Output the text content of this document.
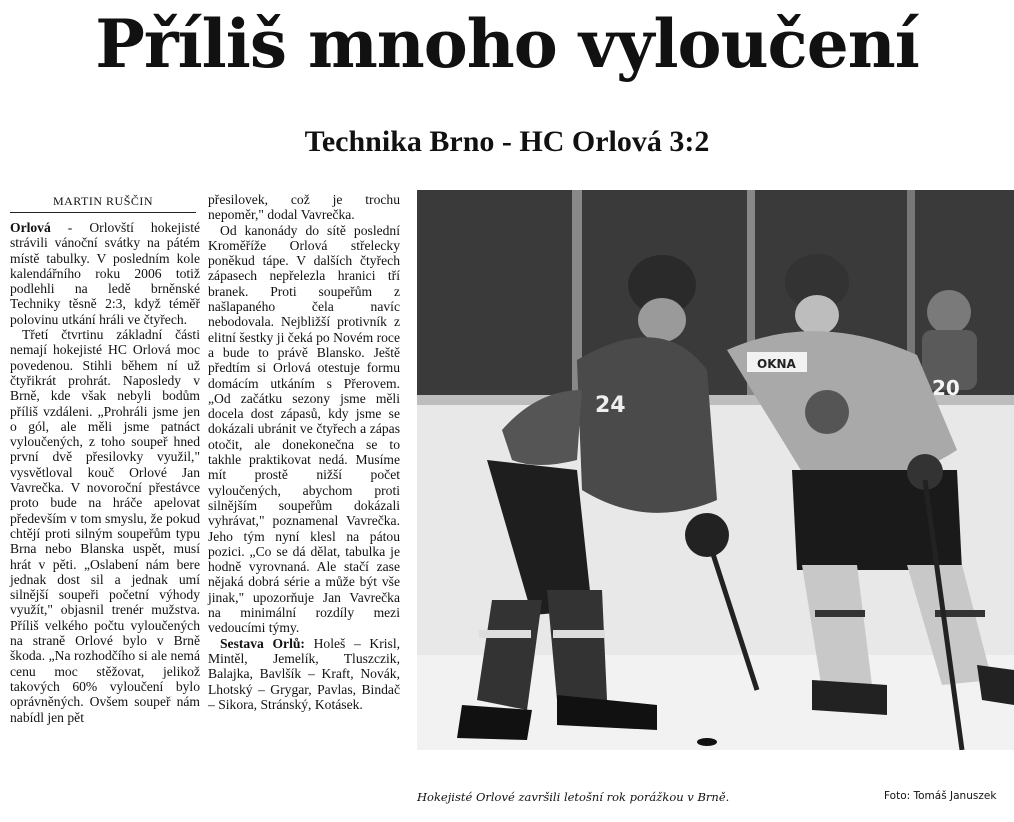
Příliš mnoho vyloučení
Technika Brno - HC Orlová 3:2
MARTIN RUŠČIN

Orlová - Orlovští hokejisté strávili vánoční svátky na pátém místě tabulky. V posledním kole kalendářního roku 2006 totiž podlehli na ledě brněnské Techniky těsně 2:3, když téměř polovinu utkání hráli ve čtyřech.

Třetí čtvrtinu základní části nemají hokejisté HC Orlová moc povedenou. Stihli během ní už čtyřikrát prohrát. Naposledy v Brně, kde však nebyli bodům příliš vzdáleni. „Prohráli jsme jen o gól, ale měli jsme patnáct vyloučených, z toho soupeř hned první dvě přesilovky využil," vysvětloval kouč Orlové Jan Vavrečka. V novoroční přestávce proto bude na hráče apelovat především v tom smyslu, že pokud chtějí proti silným soupeřům typu Brna nebo Blanska uspět, musí hrát v pěti. „Oslabení nám bere jednak dost sil a jednak umí silnější soupeři početní výhody využít," objasnil trenér mužstva. Příliš velkého počtu vyloučených na straně Orlové bylo v Brně škoda. „Na rozhodčího si ale nemá cenu moc stěžovat, jelikož takových 60% vyloučení bylo oprávněných. Ovšem soupeř nám nabídl jen pět

přesilovek, což je trochu nepoměr," dodal Vavrečka.

Od kanonády do sítě poslední Kroměříže Orlová střelecky poněkud tápe. V dalších čtyřech zápasech nepřelezla hranici tří branek. Proti soupeřům z našlapaného čela navíc nebodovala. Nejbližší protivník z elitní šestky ji čeká po Novém roce a bude to právě Blansko. Ještě předtím si Orlová otestuje formu domácím utkáním s Přerovem. „Od začátku sezony jsme měli docela dost zápasů, kdy jsme se dokázali ubránit ve čtyřech a zápas otočit, ale donekonečna se to takhle praktikovat nedá. Musíme mít prostě nižší počet vyloučených, abychom proti silnějším soupeřům dokázali vyhrávat," poznamenal Vavrečka. Jeho tým nyní klesl na pátou pozici. „Co se dá dělat, tabulka je hodně vyrovnaná. Ale stačí zase nějaká dobrá série a může být vše jinak," upozorňuje Jan Vavrečka na minimální rozdíly mezi vedoucími týmy.

Sestava Orlů: Holeš – Krisl, Mintěl, Jemelík, Tluszczik, Balajka, Bavlšík – Kraft, Novák, Lhotský – Grygar, Pavlas, Bindač – Sikora, Stránský, Kotásek.

24
OKNA
20
Hokejisté Orlové završili letošní rok porážkou v Brně.	Foto: Tomáš Januszek
